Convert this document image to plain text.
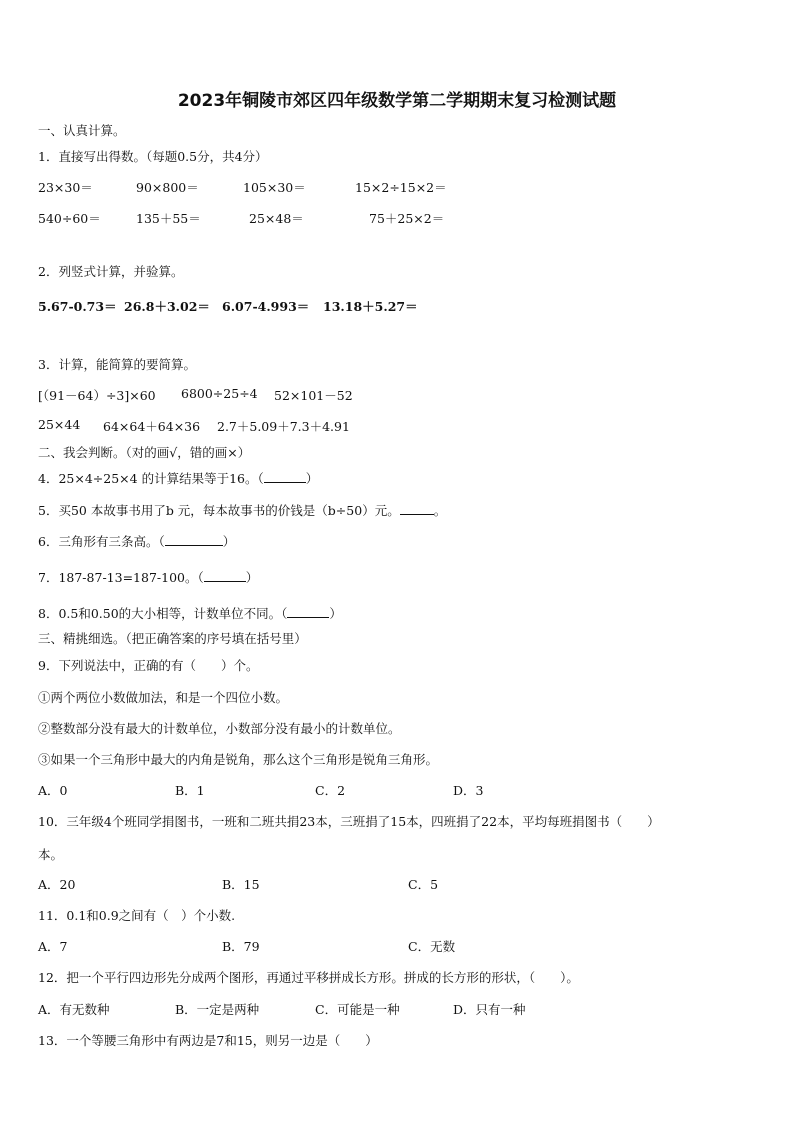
2023年铜陵市郊区四年级数学第二学期期末复习检测试题
一、认真计算。
1．直接写出得数。（每题0.5分，共4分）
23×30＝	90×800＝	105×30＝	15×2÷15×2＝
540÷60＝	135＋55＝	25×48＝	75＋25×2＝
2．列竖式计算，并验算。
5.67-0.73＝ 26.8＋3.02＝ 6.07-4.993＝ 13.18＋5.27＝
3．计算，能简算的要简算。
[（91－64）÷3]×60 6800÷25÷4 52×101－52
25×44 64×64＋64×36 2.7＋5.09＋7.3＋4.91
二、我会判断。（对的画√，错的画×）
4．25×4÷25×4 的计算结果等于16。（	）
5．买50 本故事书用了b 元，每本故事书的价钱是（b÷50）元。	。
6．三角形有三条高。（	）
7．187-87-13=187-100。（	）
8．0.5和0.50的大小相等，计数单位不同。（	）
三、精挑细选。（把正确答案的序号填在括号里）
9．下列说法中，正确的有（　　）个。
①两个两位小数做加法，和是一个四位小数。
②整数部分没有最大的计数单位，小数部分没有最小的计数单位。
③如果一个三角形中最大的内角是锐角，那么这个三角形是锐角三角形。
A．0	B．1	C．2	D．3
10．三年级4个班同学捐图书，一班和二班共捐23本，三班捐了15本，四班捐了22本，平均每班捐图书（　　）
本。
A．20	B．15	C．5
11．0.1和0.9之间有（　）个小数.
A．7	B．79	C．无数
12．把一个平行四边形先分成两个图形，再通过平移拼成长方形。拼成的长方形的形状，（　　）。
A．有无数种	B．一定是两种	C．可能是一种	D．只有一种
13．一个等腰三角形中有两边是7和15，则另一边是（　　）
